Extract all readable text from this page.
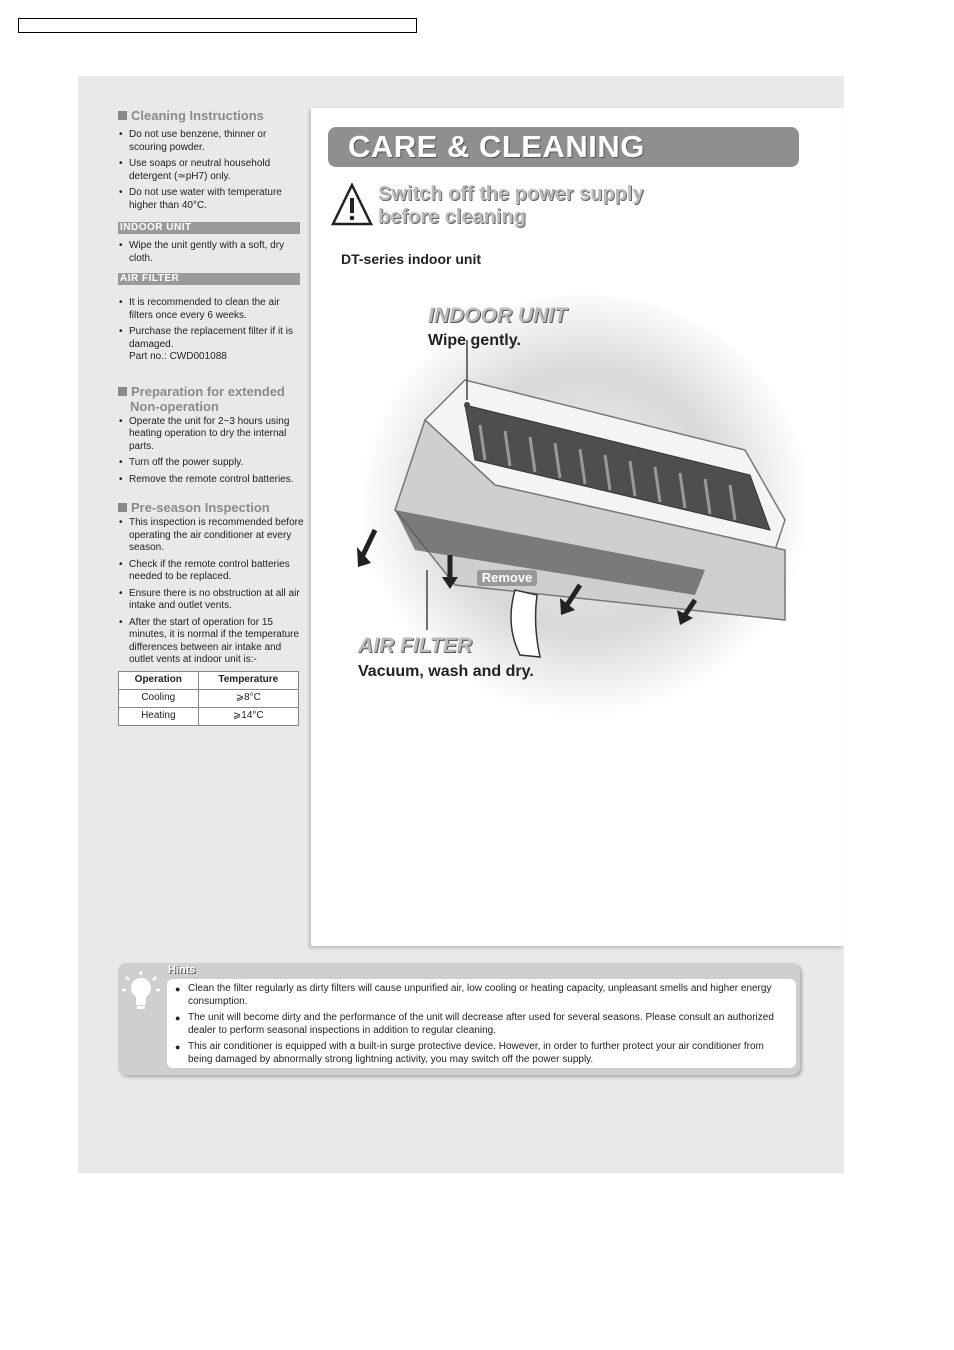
Cleaning Instructions

• Do not use benzene, thinner or scouring powder.
• Use soaps or neutral household detergent (≃pH7) only.
• Do not use water with temperature higher than 40°C.
INDOOR UNIT
• Wipe the unit gently with a soft, dry cloth.
AIR FILTER
• It is recommended to clean the air filters once every 6 weeks.
• Purchase the replacement filter if it is damaged.
Part no.: CWD001088

Preparation for extended
Non-operation

• Operate the unit for 2~3 hours using heating operation to dry the internal parts.
• Turn off the power supply.
• Remove the remote control batteries.

Pre-season Inspection

• This inspection is recommended before operating the air conditioner at every season.
• Check if the remote control batteries needed to be replaced.
• Ensure there is no obstruction at all air intake and outlet vents.
• After the start of operation for 15 minutes, it is normal if the temperature differences between air intake and outlet vents at indoor unit is:-
Operation	Temperature
Cooling	⩾8°C
Heating	⩾14°C
CARE & CLEANING
Switch off the power supply
before cleaning
DT-series indoor unit
INDOOR UNIT
Wipe gently.
Remove
AIR FILTER
Vacuum, wash and dry.
Hints
● Clean the filter regularly as dirty filters will cause unpurified air, low cooling or heating capacity, unpleasant smells and higher energy consumption.
● The unit will become dirty and the performance of the unit will decrease after used for several seasons. Please consult an authorized dealer to perform seasonal inspections in addition to regular cleaning.
● This air conditioner is equipped with a built-in surge protective device. However, in order to further protect your air conditioner from being damaged by abnormally strong lightning activity, you may switch off the power supply.
